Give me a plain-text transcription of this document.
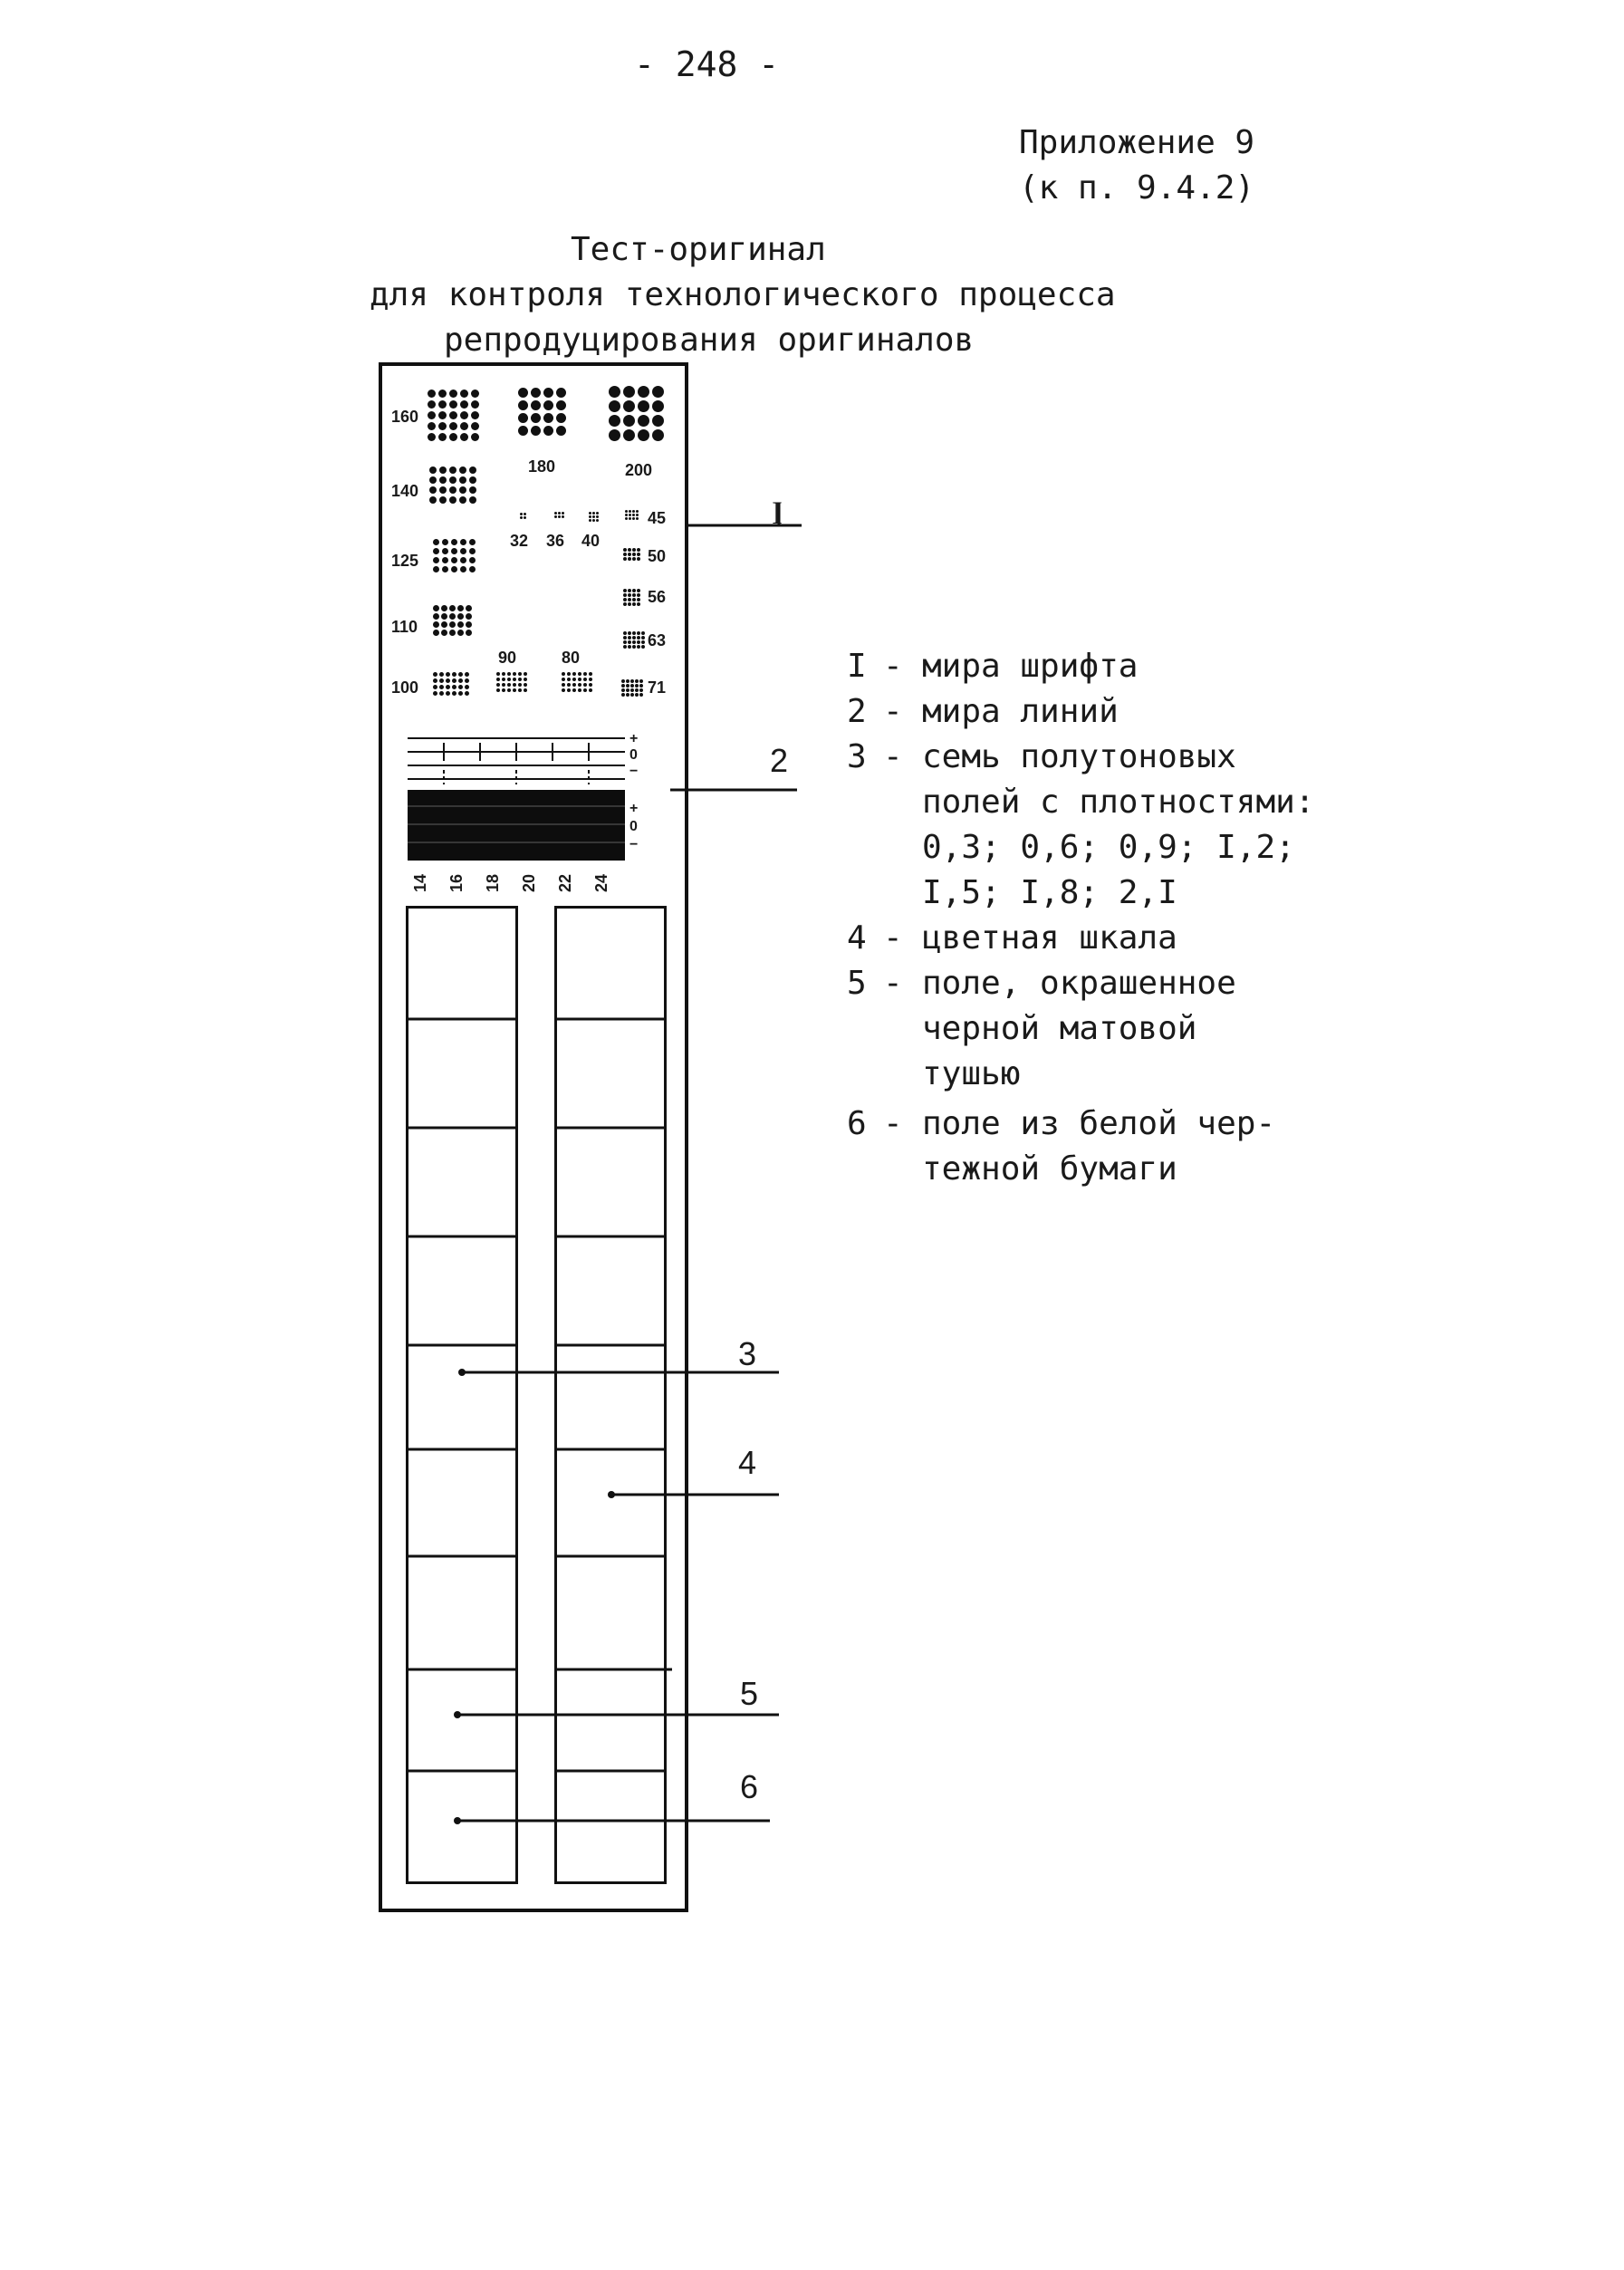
- 248 -
Приложение 9
(к п. 9.4.2)
Тест-оригинал
для контроля технологического процесса
репродуцирования оригиналов
160
140
125
110
100
180	200
32 36 40
45
50
56
63
71
90	80
+
0
−
+
0
−
14 16 18 20 22 24
I
2
3
4
5
6
I мира шрифта
2 мира линий
3 семь полутоновых
полей с плотностями:
0,3; 0,6; 0,9; I,2;
I,5; I,8; 2,I
4 цветная шкала
5 поле, окрашенное
черной матовой
тушью
6 поле из белой чер-
тежной бумаги
-
-
-
-
-
-
